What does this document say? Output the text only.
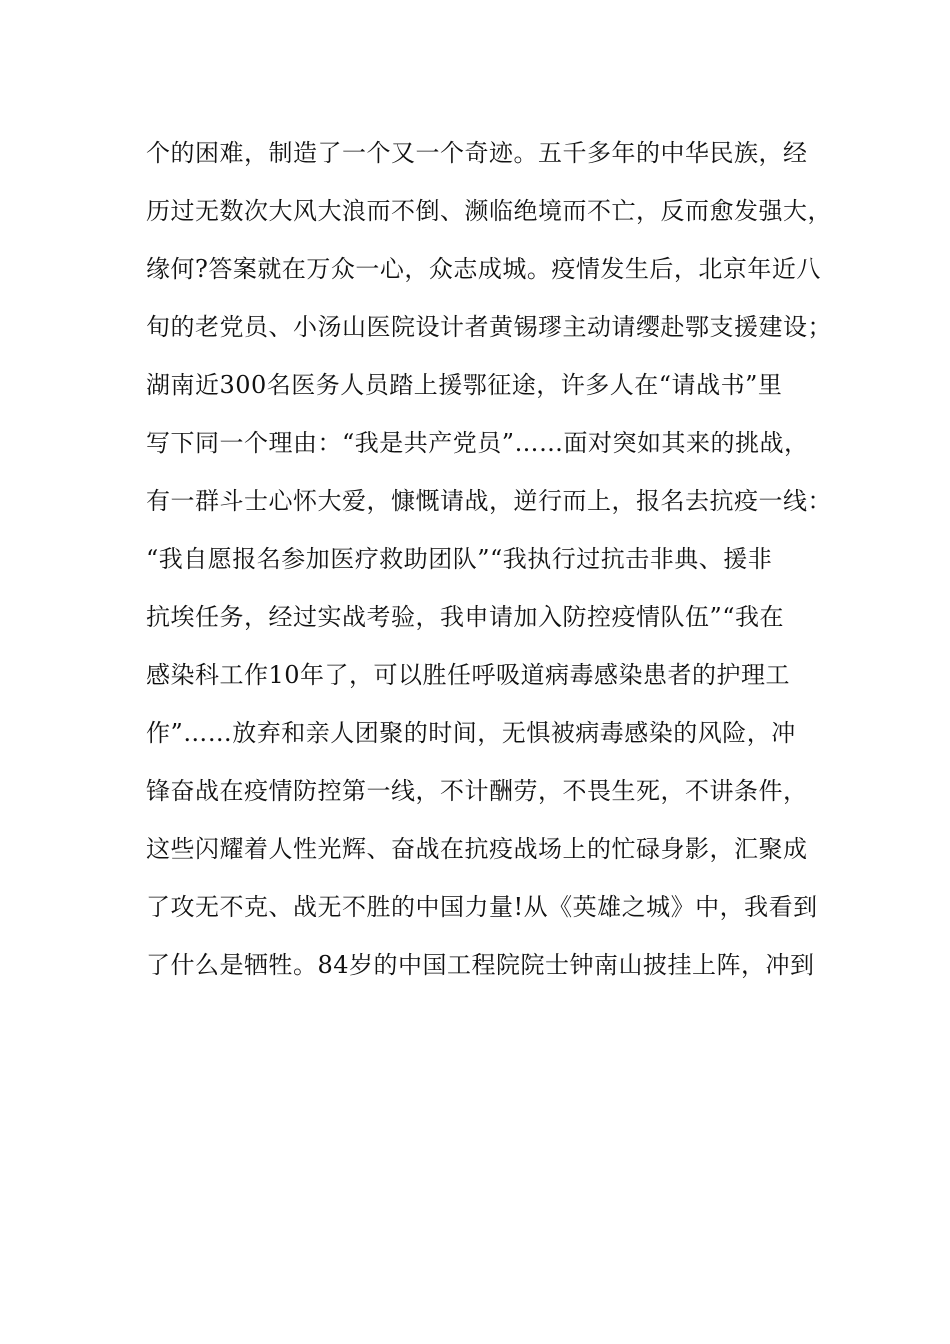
个的困难，制造了一个又一个奇迹。五千多年的中华民族，经
历过无数次大风大浪而不倒、濒临绝境而不亡，反而愈发强大，
缘何?答案就在万众一心，众志成城。疫情发生后，北京年近八
旬的老党员、小汤山医院设计者黄锡璆主动请缨赴鄂支援建设；
湖南近300名医务人员踏上援鄂征途，许多人在“请战书”里
写下同一个理由：“我是共产党员”……面对突如其来的挑战，
有一群斗士心怀大爱，慷慨请战，逆行而上，报名去抗疫一线：
“我自愿报名参加医疗救助团队”“我执行过抗击非典、援非
抗埃任务，经过实战考验，我申请加入防控疫情队伍”“我在
感染科工作10年了，可以胜任呼吸道病毒感染患者的护理工
作”……放弃和亲人团聚的时间，无惧被病毒感染的风险，冲
锋奋战在疫情防控第一线，不计酬劳，不畏生死，不讲条件，
这些闪耀着人性光辉、奋战在抗疫战场上的忙碌身影，汇聚成
了攻无不克、战无不胜的中国力量!从《英雄之城》中，我看到
了什么是牺牲。84岁的中国工程院院士钟南山披挂上阵，冲到
